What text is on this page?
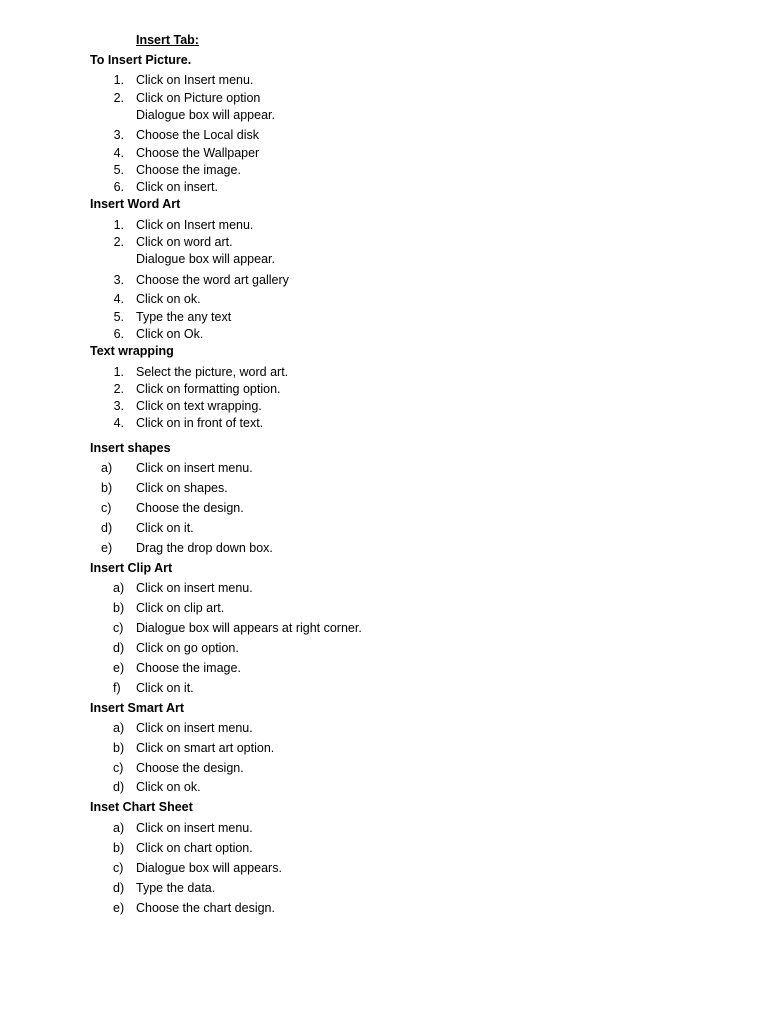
Insert Tab:
To Insert Picture.
1. Click on Insert menu.
2. Click on Picture option
Dialogue box will appear.
3. Choose the Local disk
4. Choose the Wallpaper
5. Choose the image.
6. Click on insert.
Insert Word Art
1. Click on Insert menu.
2. Click on word art.
Dialogue box will appear.
3. Choose the word art gallery
4. Click on ok.
5. Type the any text
6. Click on Ok.
Text wrapping
1. Select the picture, word art.
2. Click on formatting option.
3. Click on text wrapping.
4. Click on in front of text.
Insert shapes
a) Click on insert menu.
b) Click on shapes.
c) Choose the design.
d) Click on it.
e) Drag the drop down box.
Insert Clip Art
a) Click on insert menu.
b) Click on clip art.
c) Dialogue box will appears at right corner.
d) Click on go option.
e) Choose the image.
f) Click on it.
Insert Smart Art
a) Click on insert menu.
b) Click on smart art option.
c) Choose the design.
d) Click on ok.
Inset Chart Sheet
a) Click on insert menu.
b) Click on chart option.
c) Dialogue box will appears.
d) Type the data.
e) Choose the chart design.
